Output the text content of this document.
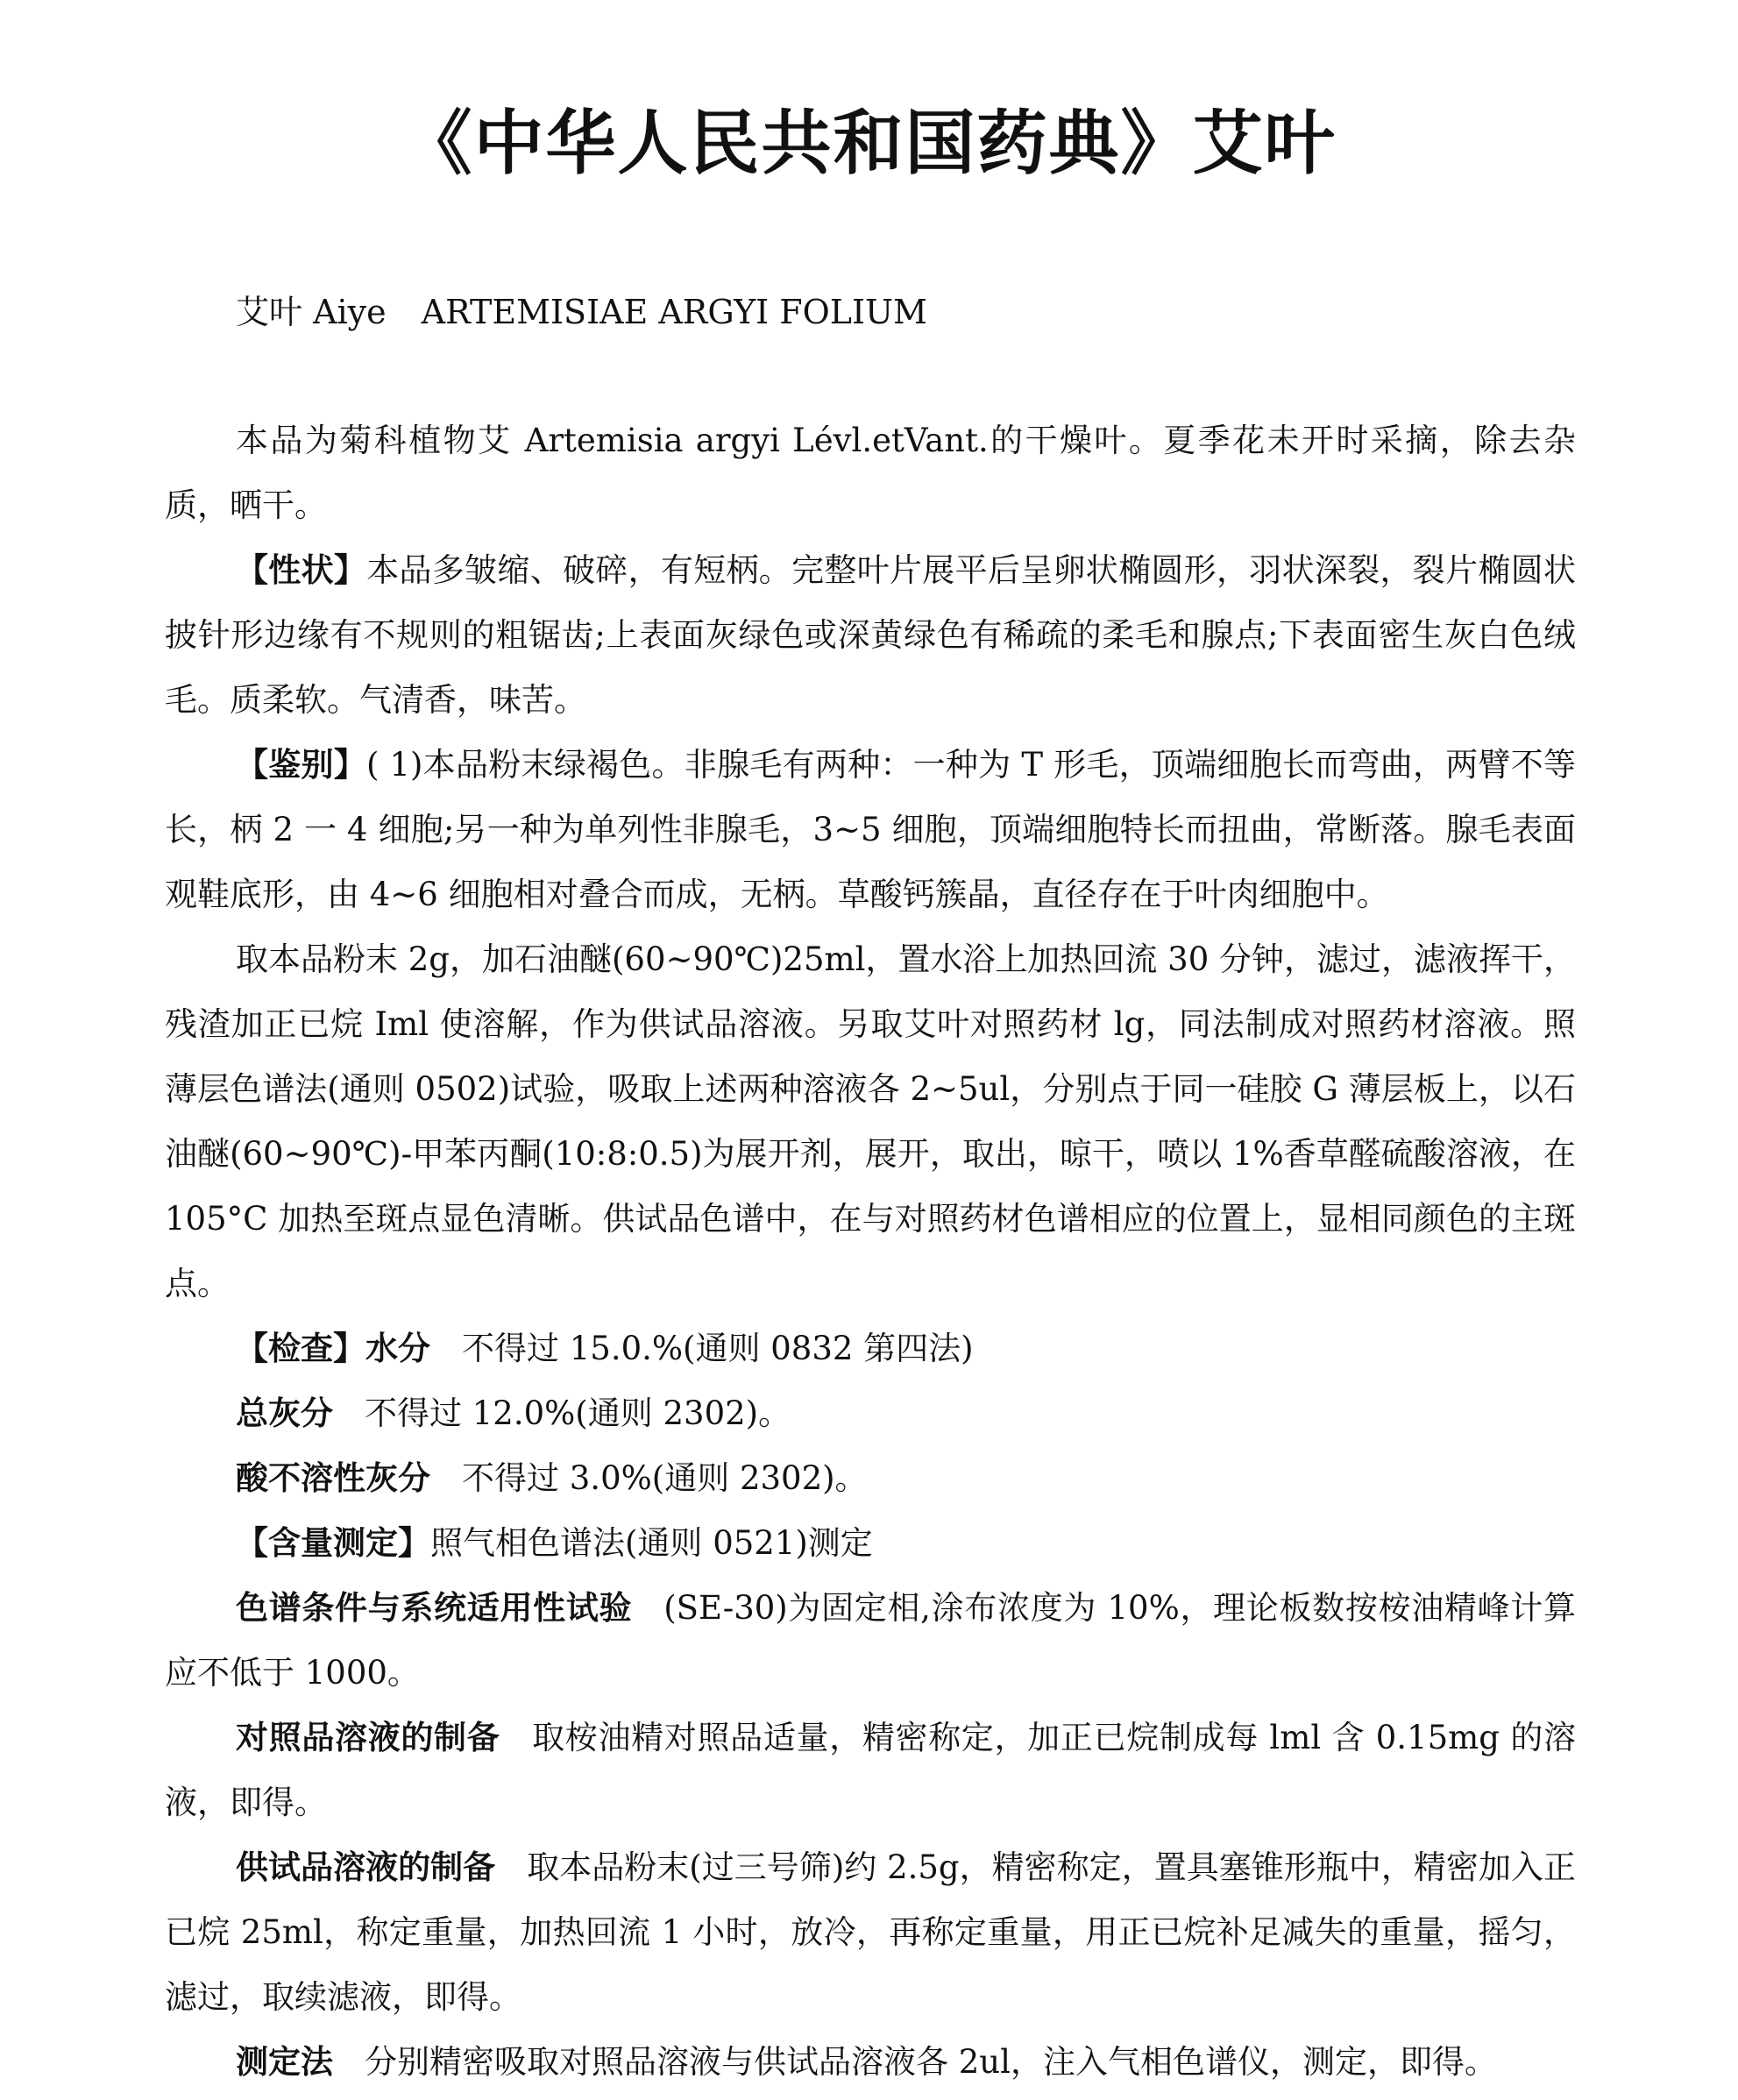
《中华人民共和国药典》艾叶
艾叶 Aiye ARTEMISIAE ARGYI FOLIUM

本品为菊科植物艾 Artemisia argyi Lévl.etVant.的干燥叶。夏季花未开时采摘，除去杂质，晒干。

【性状】本品多皱缩、破碎，有短柄。完整叶片展平后呈卵状椭圆形，羽状深裂，裂片椭圆状披针形边缘有不规则的粗锯齿;上表面灰绿色或深黄绿色有稀疏的柔毛和腺点;下表面密生灰白色绒毛。质柔软。气清香，味苦。

【鉴别】( 1)本品粉末绿褐色。非腺毛有两种：一种为 T 形毛，顶端细胞长而弯曲，两臂不等长，柄 2 一 4 细胞;另一种为单列性非腺毛，3~5 细胞，顶端细胞特长而扭曲，常断落。腺毛表面观鞋底形，由 4~6 细胞相对叠合而成，无柄。草酸钙簇晶，直径存在于叶肉细胞中。

取本品粉末 2g，加石油醚(60~90℃)25ml，置水浴上加热回流 30 分钟，滤过，滤液挥干，残渣加正已烷 Iml 使溶解，作为供试品溶液。另取艾叶对照药材 lg，同法制成对照药材溶液。照薄层色谱法(通则 0502)试验，吸取上述两种溶液各 2~5ul，分别点于同一硅胶 G 薄层板上，以石油醚(60~90℃)-甲苯丙酮(10:8:0.5)为展开剂，展开，取出，晾干，喷以 1%香草醛硫酸溶液，在 105°C 加热至斑点显色清晰。供试品色谱中，在与对照药材色谱相应的位置上，显相同颜色的主斑点。

【检查】水分 不得过 15.0.%(通则 0832 第四法)

总灰分 不得过 12.0%(通则 2302)。

酸不溶性灰分 不得过 3.0%(通则 2302)。

【含量测定】照气相色谱法(通则 0521)测定

色谱条件与系统适用性试验 (SE-30)为固定相,涂布浓度为 10%，理论板数按桉油精峰计算应不低于 1000。

对照品溶液的制备 取桉油精对照品适量，精密称定，加正已烷制成每 lml 含 0.15mg 的溶液，即得。

供试品溶液的制备 取本品粉末(过三号筛)约 2.5g，精密称定，置具塞锥形瓶中，精密加入正已烷 25ml，称定重量，加热回流 1 小时，放冷，再称定重量，用正已烷补足减失的重量，摇匀，滤过，取续滤液，即得。

测定法 分别精密吸取对照品溶液与供试品溶液各 2ul，注入气相色谱仪，测定，即得。
